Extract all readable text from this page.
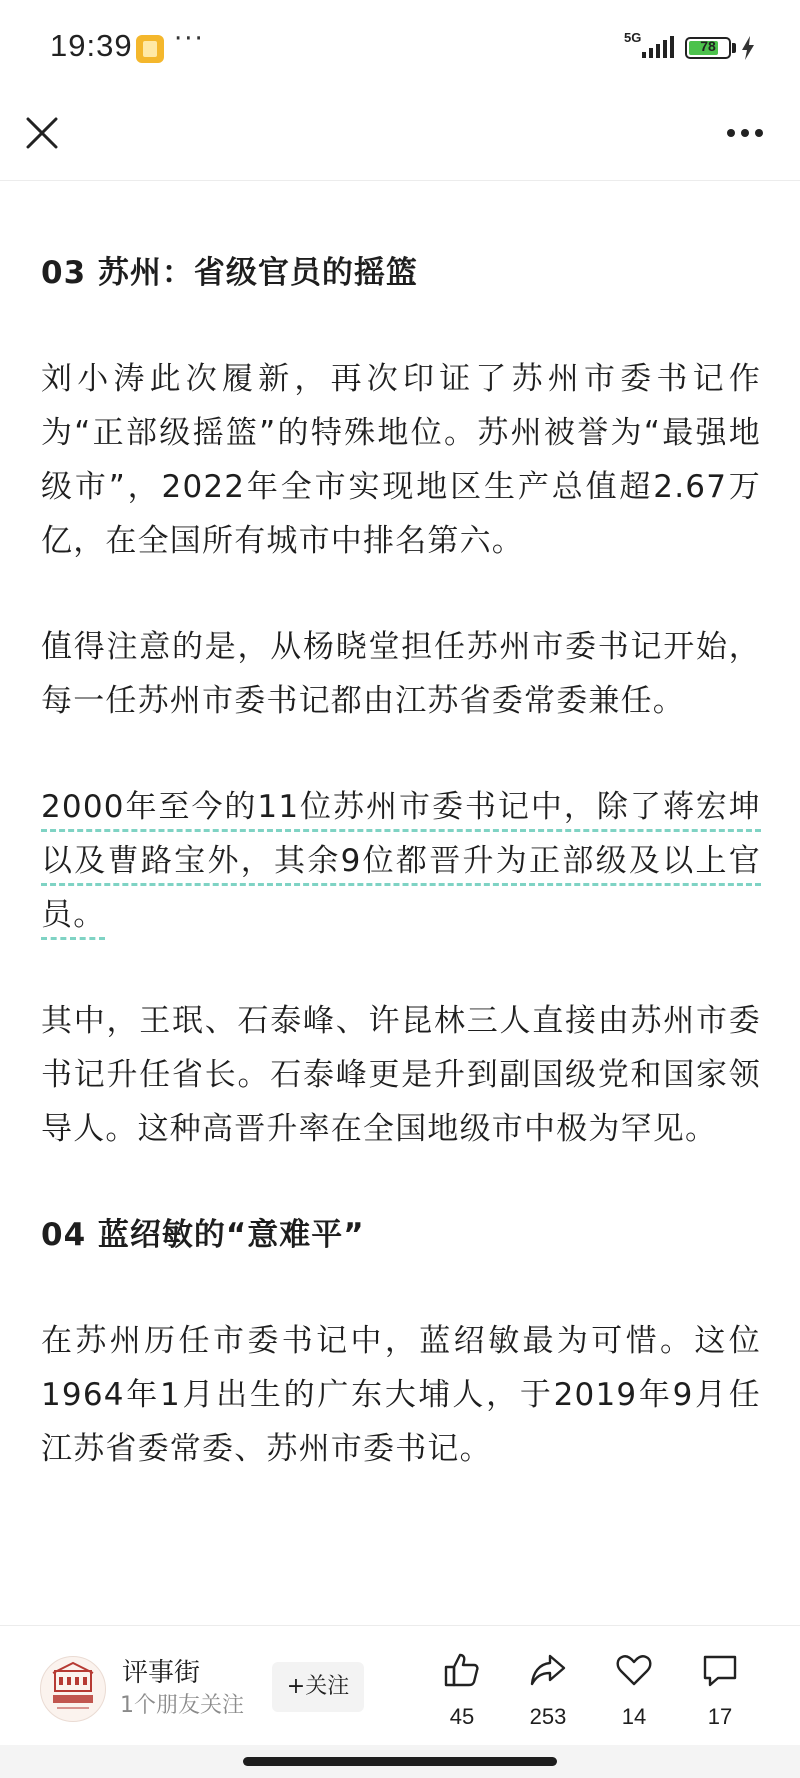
03 苏州：省级官员的摇篮

刘小涛此次履新，再次印证了苏州市委书记作为“正部级摇篮”的特殊地位。苏州被誉为“最强地级市”，2022年全市实现地区生产总值超2.67万亿，在全国所有城市中排名第六。

值得注意的是，从杨晓堂担任苏州市委书记开始，每一任苏州市委书记都由江苏省委常委兼任。

2000年至今的11位苏州市委书记中，除了蒋宏坤以及曹路宝外，其余9位都晋升为正部级及以上官员。

其中，王珉、石泰峰、许昆林三人直接由苏州市委书记升任省长。石泰峰更是升到副国级党和国家领导人。这种高晋升率在全国地级市中极为罕见。

04 蓝绍敏的“意难平”

在苏州历任市委书记中，蓝绍敏最为可惜。这位1964年1月出生的广东大埔人，于2019年9月任江苏省委常委、苏州市委书记。

19:39 ···	5G
78
评事街
1个朋友关注
+关注
45	253	14	17
